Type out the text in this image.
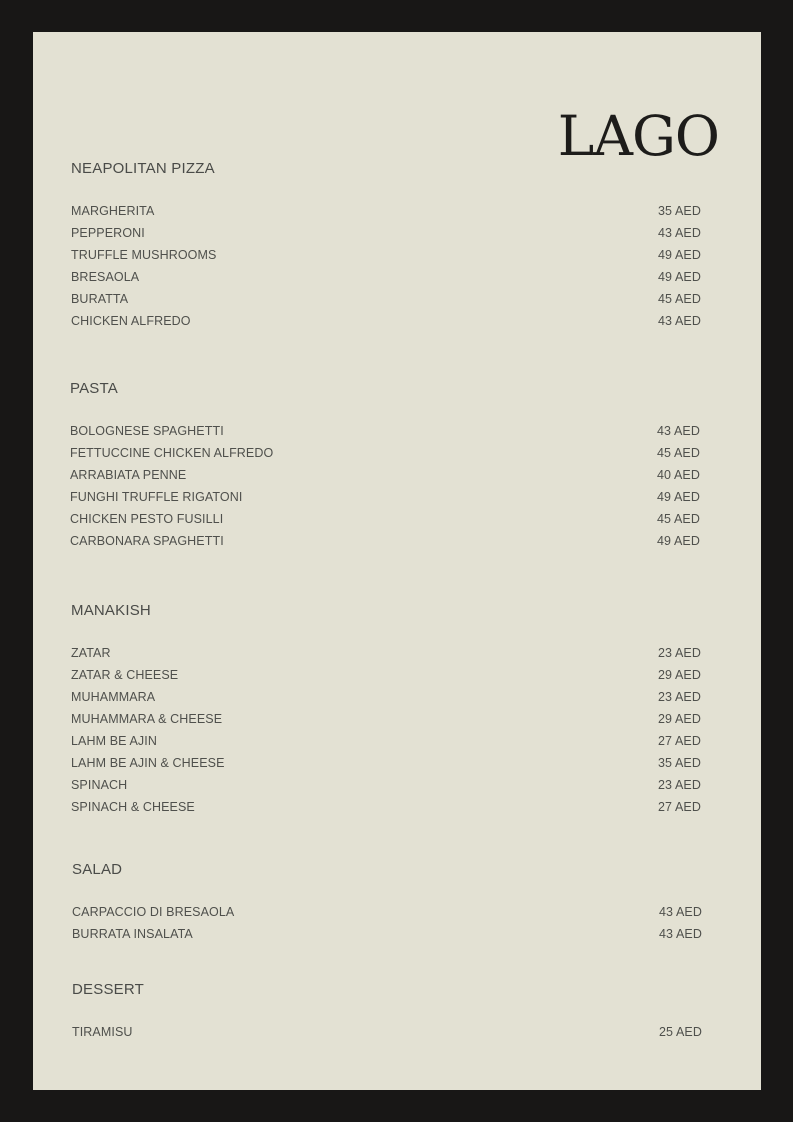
LAGO
NEAPOLITAN PIZZA
MARGHERITA	35 AED
PEPPERONI	43 AED
TRUFFLE MUSHROOMS	49 AED
BRESAOLA	49 AED
BURATTA	45 AED
CHICKEN ALFREDO	43 AED
PASTA
BOLOGNESE SPAGHETTI	43 AED
FETTUCCINE CHICKEN ALFREDO	45 AED
ARRABIATA PENNE	40 AED
FUNGHI TRUFFLE RIGATONI	49 AED
CHICKEN PESTO FUSILLI	45 AED
CARBONARA SPAGHETTI	49 AED
MANAKISH
ZATAR	23 AED
ZATAR & CHEESE	29 AED
MUHAMMARA	23 AED
MUHAMMARA & CHEESE	29 AED
LAHM BE AJIN	27 AED
LAHM BE AJIN & CHEESE	35 AED
SPINACH	23 AED
SPINACH & CHEESE	27 AED
SALAD
CARPACCIO DI BRESAOLA	43 AED
BURRATA INSALATA	43 AED
DESSERT
TIRAMISU	25 AED
